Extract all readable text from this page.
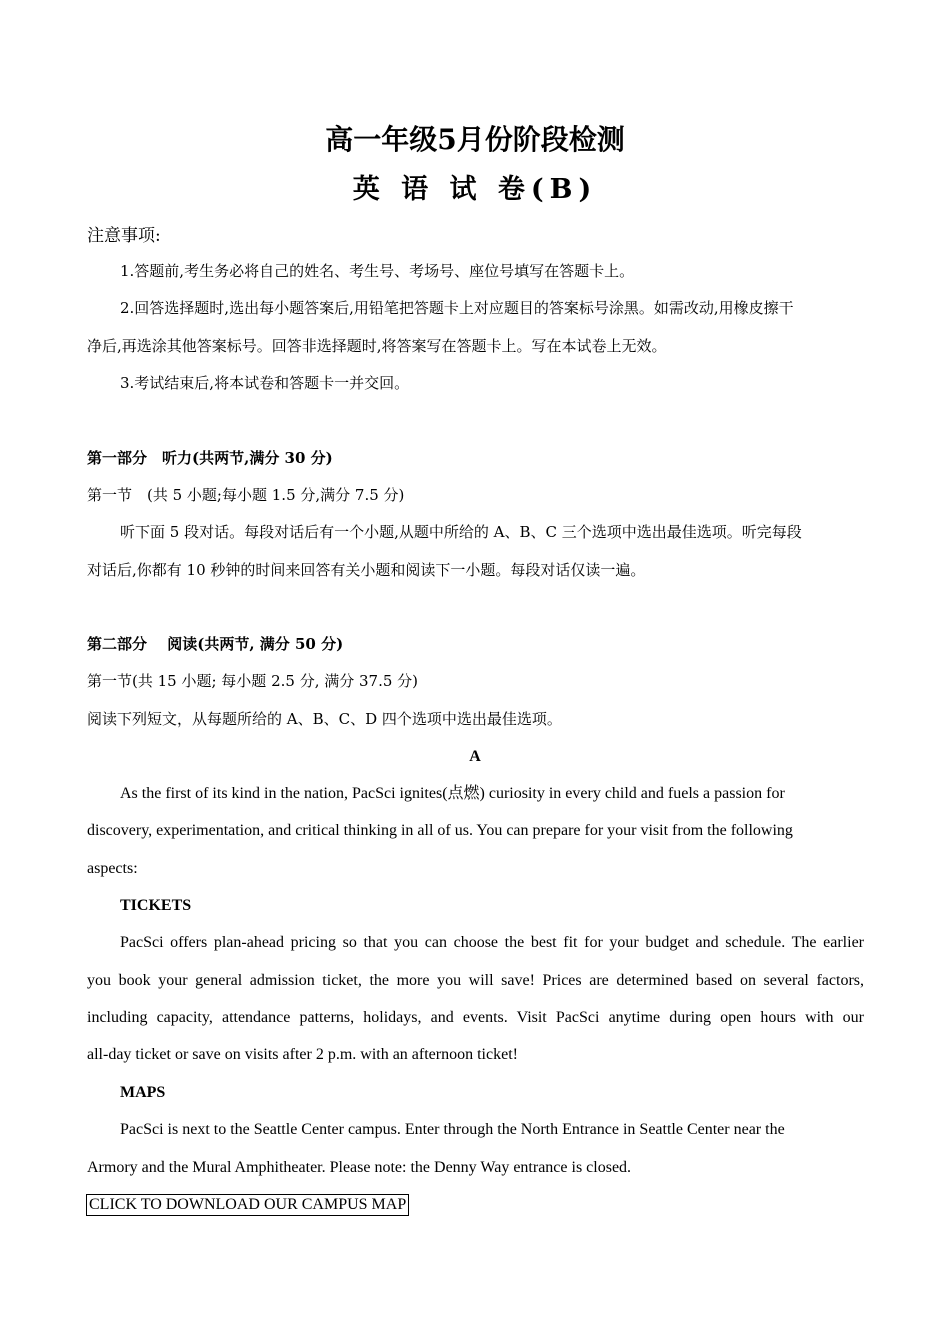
高一年级5月份阶段检测
英 语 试 卷(B)
注意事项:
1.答题前,考生务必将自己的姓名、考生号、考场号、座位号填写在答题卡上。
2.回答选择题时,选出每小题答案后,用铅笔把答题卡上对应题目的答案标号涂黑。如需改动,用橡皮擦干
净后,再选涂其他答案标号。回答非选择题时,将答案写在答题卡上。写在本试卷上无效。
3.考试结束后,将本试卷和答题卡一并交回。
第一部分　听力(共两节,满分 30 分)
第一节　(共 5 小题;每小题 1.5 分,满分 7.5 分)
听下面 5 段对话。每段对话后有一个小题,从题中所给的 A、B、C 三个选项中选出最佳选项。听完每段
对话后,你都有 10 秒钟的时间来回答有关小题和阅读下一小题。每段对话仅读一遍。
第二部分　 阅读(共两节, 满分 50 分)
第一节(共 15 小题; 每小题 2.5 分, 满分 37.5 分)
阅读下列短文，从每题所给的 A、B、C、D 四个选项中选出最佳选项。
A
As the first of its kind in the nation, PacSci ignites(点燃) curiosity in every child and fuels a passion for
discovery, experimentation, and critical thinking in all of us. You can prepare for your visit from the following
aspects:
TICKETS
PacSci offers plan-ahead pricing so that you can choose the best fit for your budget and schedule. The earlier
you book your general admission ticket, the more you will save! Prices are determined based on several factors,
including capacity, attendance patterns, holidays, and events. Visit PacSci anytime during open hours with our
all-day ticket or save on visits after 2 p.m. with an afternoon ticket!
MAPS
PacSci is next to the Seattle Center campus. Enter through the North Entrance in Seattle Center near the
Armory and the Mural Amphitheater. Please note: the Denny Way entrance is closed.
CLICK TO DOWNLOAD OUR CAMPUS MAP
